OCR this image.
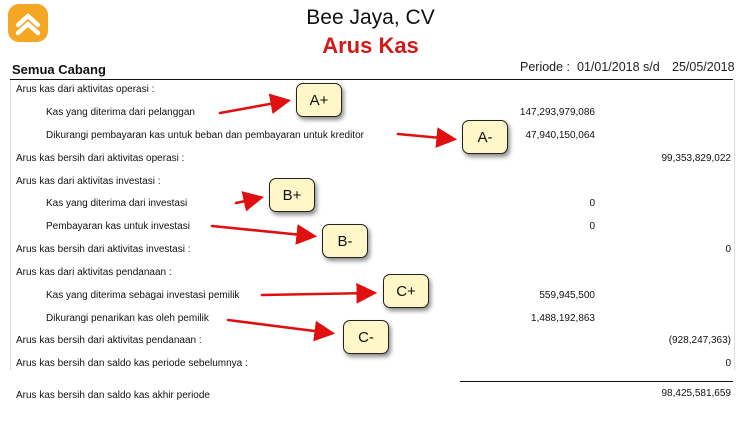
Bee Jaya, CV
Arus Kas
Semua Cabang	Periode : 01/01/2018 s/d 25/05/2018
Arus kas dari aktivitas operasi :
Kas yang diterima dari pelanggan	147,293,979,086
Dikurangi pembayaran kas untuk beban dan pembayaran untuk kreditor	47,940,150,064
Arus kas bersih dari aktivitas operasi :	99,353,829,022
Arus kas dari aktivitas investasi :
Kas yang diterima dari investasi	0
Pembayaran kas untuk investasi	0
Arus kas bersih dari aktivitas investasi :	0
Arus kas dari aktivitas pendanaan :
Kas yang diterima sebagai investasi pemilik	559,945,500
Dikurangi penarikan kas oleh pemilik	1,488,192,863
Arus kas bersih dari aktivitas pendanaan :	(928,247,363)
Arus kas bersih dan saldo kas periode sebelumnya :	0
Arus kas bersih dan saldo kas akhir periode	98,425,581,659
A+
A-
B+
B-
C+
C-
